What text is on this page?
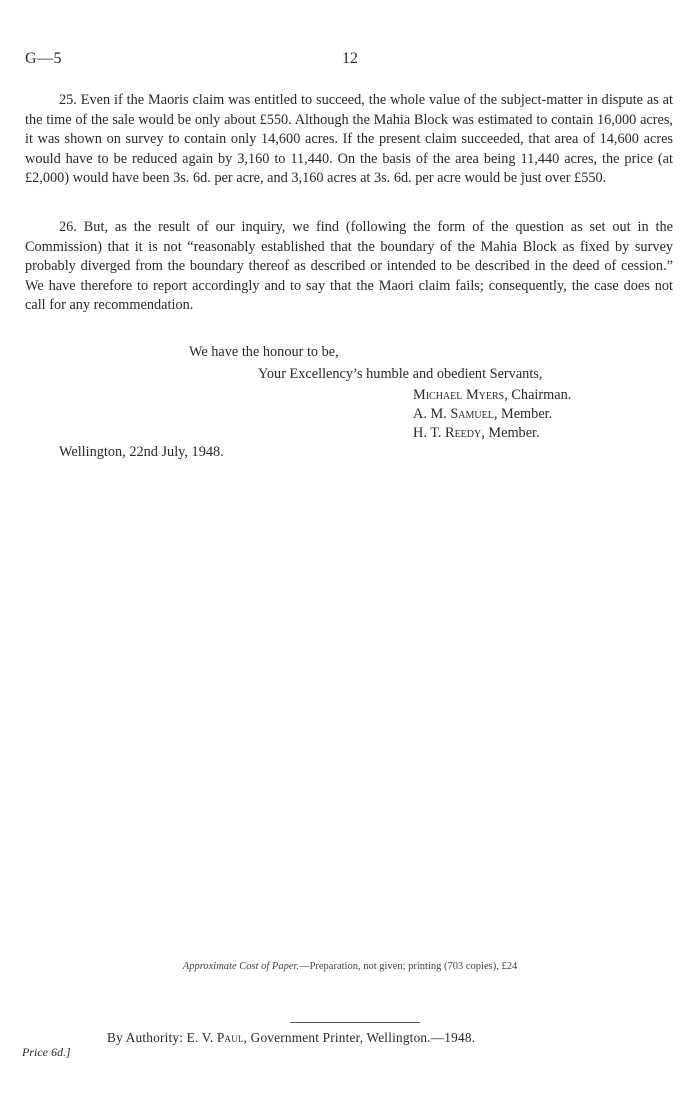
G—5	12

25. Even if the Maoris claim was entitled to succeed, the whole value of the subject-matter in dispute as at the time of the sale would be only about £550. Although the Mahia Block was estimated to contain 16,000 acres, it was shown on survey to contain only 14,600 acres. If the present claim succeeded, that area of 14,600 acres would have to be reduced again by 3,160 to 11,440. On the basis of the area being 11,440 acres, the price (at £2,000) would have been 3s. 6d. per acre, and 3,160 acres at 3s. 6d. per acre would be just over £550.

26. But, as the result of our inquiry, we find (following the form of the question as set out in the Commission) that it is not “reasonably established that the boundary of the Mahia Block as fixed by survey probably diverged from the boundary thereof as described or intended to be described in the deed of cession.” We have therefore to report accordingly and to say that the Maori claim fails; consequently, the case does not call for any recommendation.

We have the honour to be,
Your Excellency’s humble and obedient Servants,
Michael Myers, Chairman.
A. M. Samuel, Member.
H. T. Reedy, Member.
Wellington, 22nd July, 1948.
Approximate Cost of Paper.—Preparation, not given; printing (703 copies), £24
By Authority: E. V. Paul, Government Printer, Wellington.—1948.
Price 6d.]
